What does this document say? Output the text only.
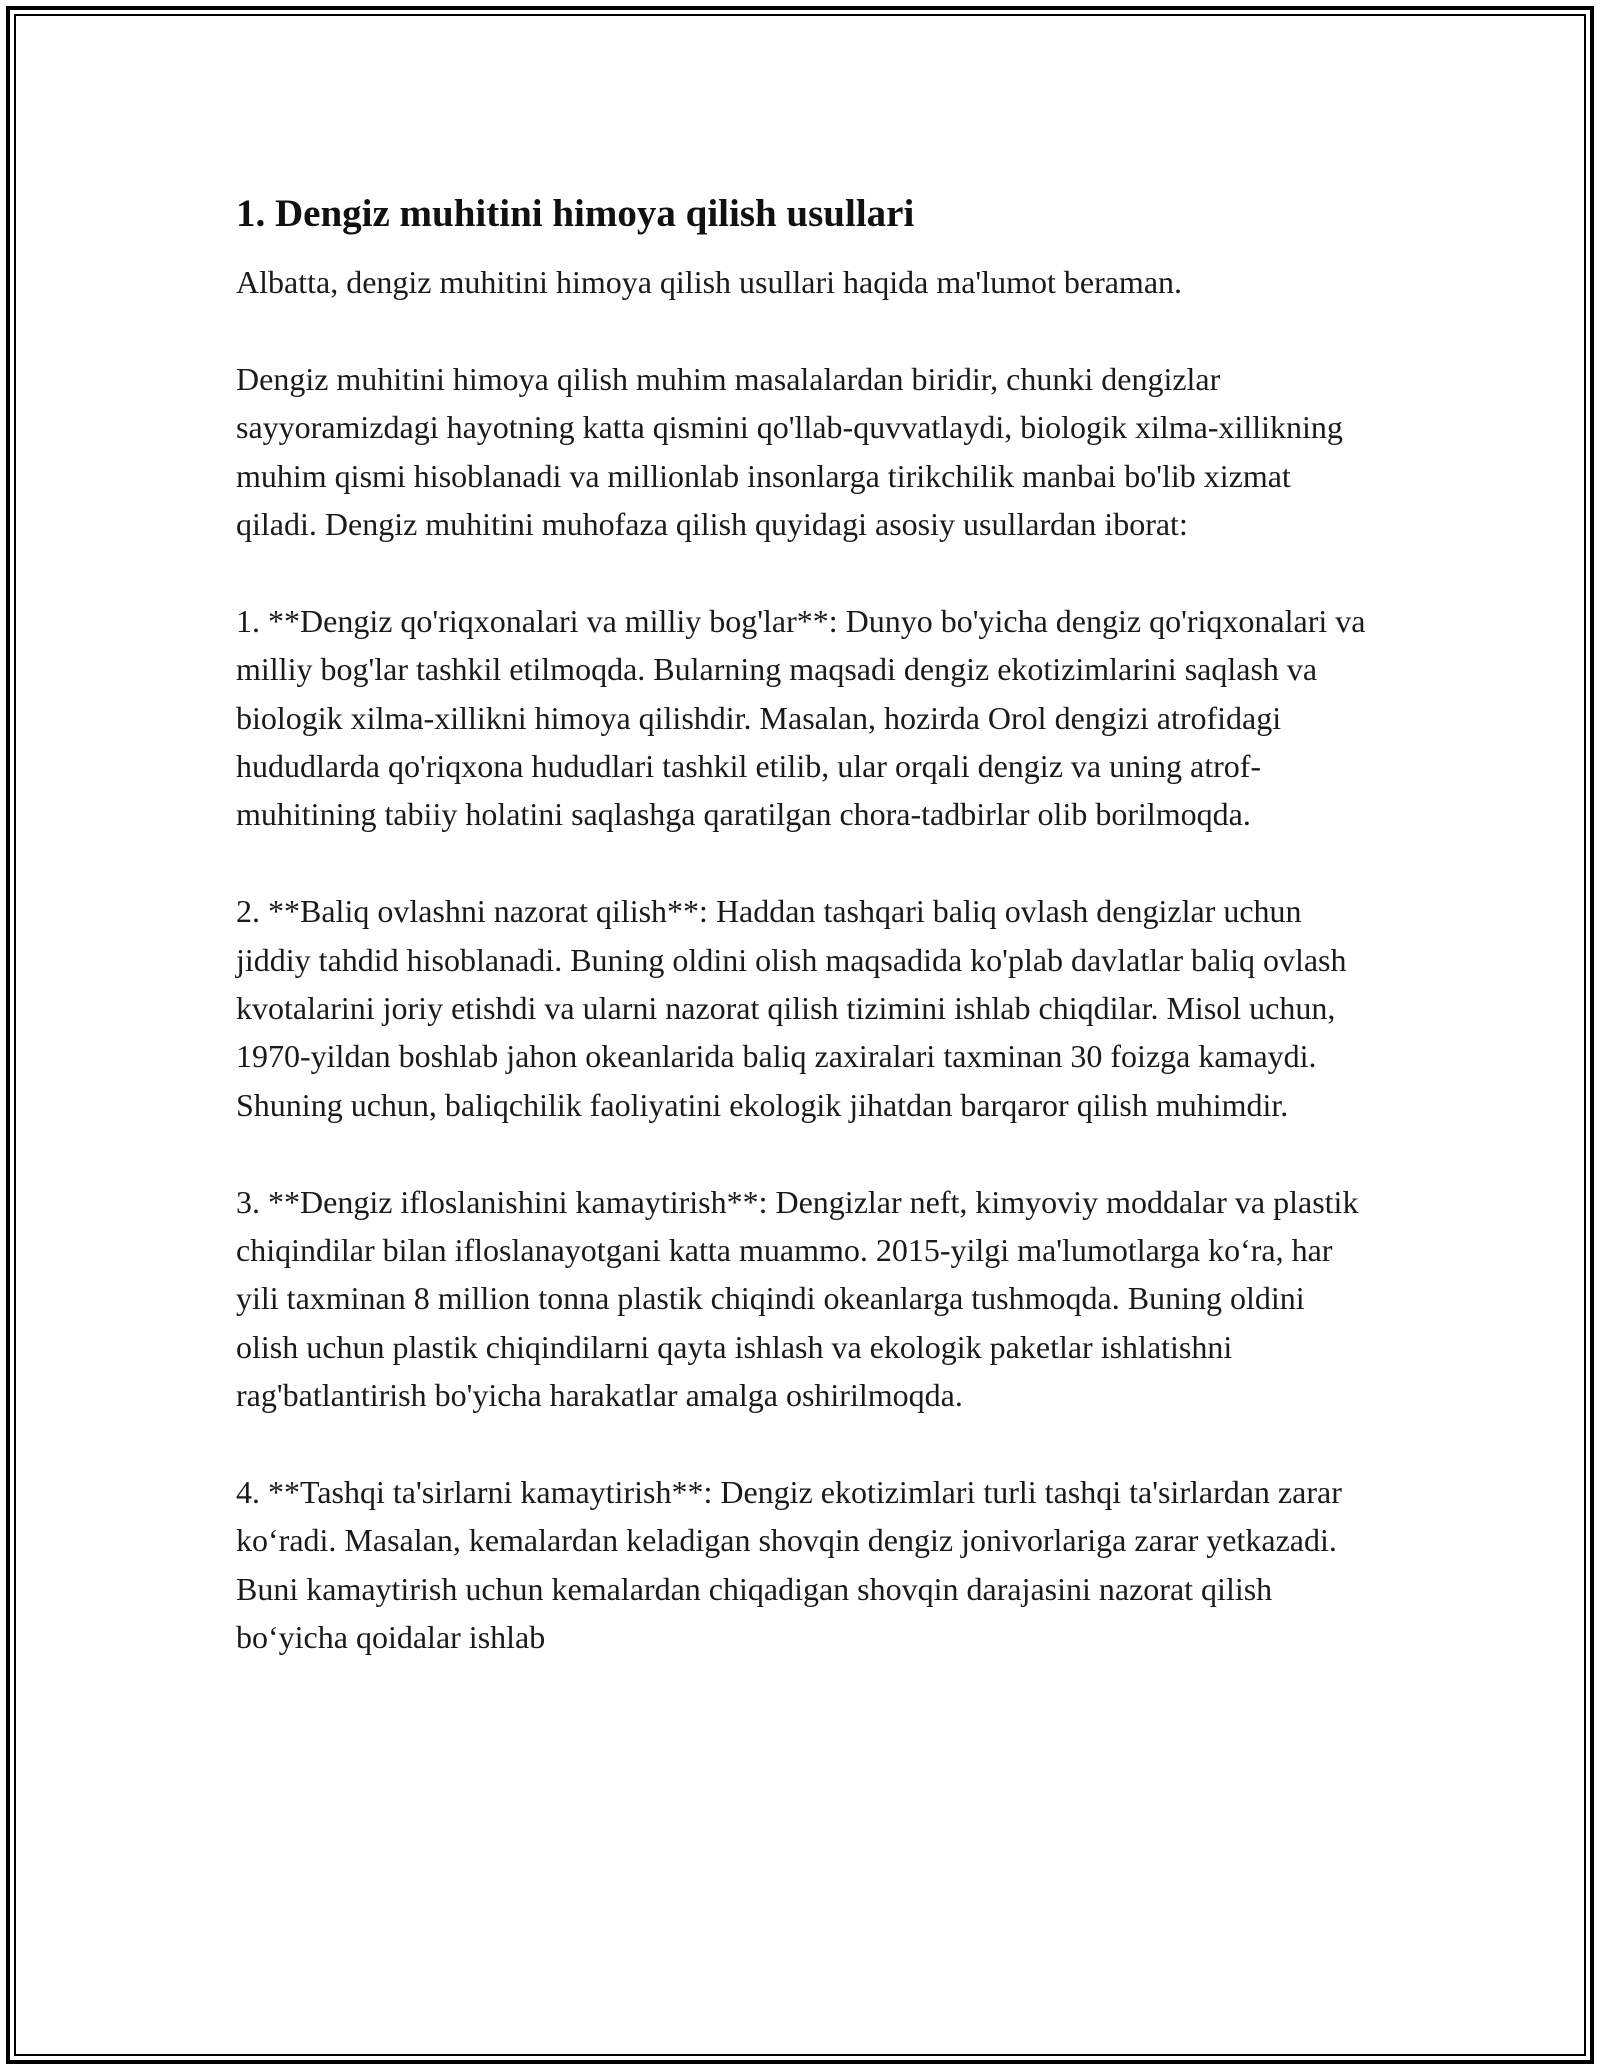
1. Dengiz muhitini himoya qilish usullari

Albatta, dengiz muhitini himoya qilish usullari haqida ma'lumot beraman.

Dengiz muhitini himoya qilish muhim masalalardan biridir, chunki dengizlar sayyoramizdagi hayotning katta qismini qo'llab-quvvatlaydi, biologik xilma-xillikning muhim qismi hisoblanadi va millionlab insonlarga tirikchilik manbai bo'lib xizmat qiladi. Dengiz muhitini muhofaza qilish quyidagi asosiy usullardan iborat:

1. **Dengiz qo'riqxonalari va milliy bog'lar**: Dunyo bo'yicha dengiz qo'riqxonalari va milliy bog'lar tashkil etilmoqda. Bularning maqsadi dengiz ekotizimlarini saqlash va biologik xilma-xillikni himoya qilishdir. Masalan, hozirda Orol dengizi atrofidagi hududlarda qo'riqxona hududlari tashkil etilib, ular orqali dengiz va uning atrof-muhitining tabiiy holatini saqlashga qaratilgan chora-tadbirlar olib borilmoqda.

2. **Baliq ovlashni nazorat qilish**: Haddan tashqari baliq ovlash dengizlar uchun jiddiy tahdid hisoblanadi. Buning oldini olish maqsadida ko'plab davlatlar baliq ovlash kvotalarini joriy etishdi va ularni nazorat qilish tizimini ishlab chiqdilar. Misol uchun, 1970-yildan boshlab jahon okeanlarida baliq zaxiralari taxminan 30 foizga kamaydi. Shuning uchun, baliqchilik faoliyatini ekologik jihatdan barqaror qilish muhimdir.

3. **Dengiz ifloslanishini kamaytirish**: Dengizlar neft, kimyoviy moddalar va plastik chiqindilar bilan ifloslanayotgani katta muammo. 2015-yilgi ma'lumotlarga ko‘ra, har yili taxminan 8 million tonna plastik chiqindi okeanlarga tushmoqda. Buning oldini olish uchun plastik chiqindilarni qayta ishlash va ekologik paketlar ishlatishni rag'batlantirish bo'yicha harakatlar amalga oshirilmoqda.

4. **Tashqi ta'sirlarni kamaytirish**: Dengiz ekotizimlari turli tashqi ta'sirlardan zarar ko‘radi. Masalan, kemalardan keladigan shovqin dengiz jonivorlariga zarar yetkazadi. Buni kamaytirish uchun kemalardan chiqadigan shovqin darajasini nazorat qilish bo‘yicha qoidalar ishlab
